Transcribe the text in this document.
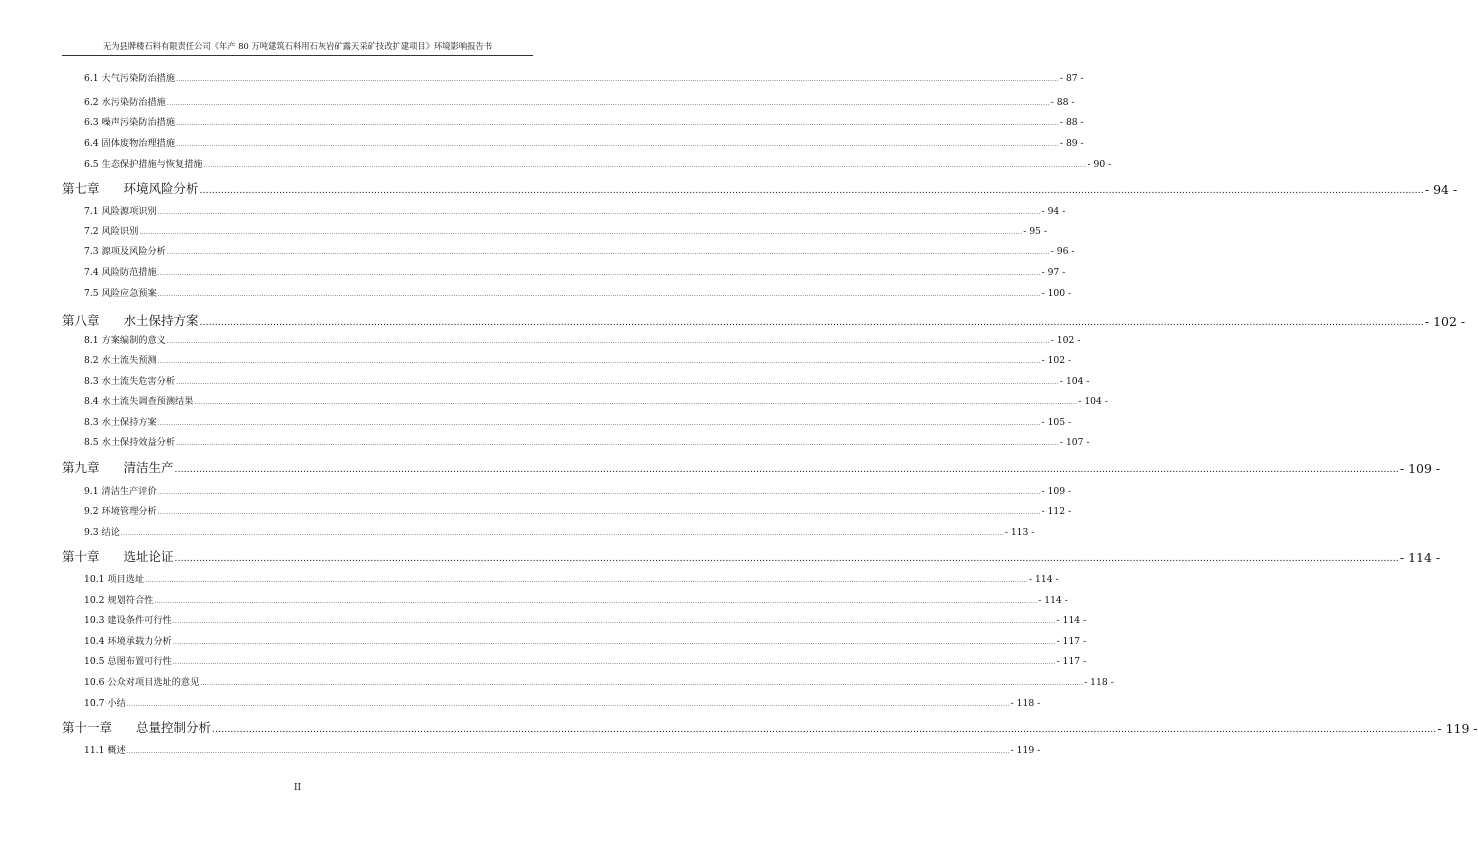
无为县牌楼石料有限责任公司《年产 80 万吨建筑石料用石灰岩矿露天采矿技改扩建项目》环境影响报告书
6.1 大气污染防治措施 ................................................................................................................................................................................................................................................................................................................................................................................................................ - 87 -
6.2 水污染防治措施 ................................................................................................................................................................................................................................................................................................................................................................................................................ - 88 -
6.3 噪声污染防治措施 ................................................................................................................................................................................................................................................................................................................................................................................................................ - 88 -
6.4 固体废物治理措施 ................................................................................................................................................................................................................................................................................................................................................................................................................ - 89 -
6.5 生态保护措施与恢复措施 ................................................................................................................................................................................................................................................................................................................................................................................................................ - 90 -
第七章 环境风险分析 ................................................................................................................................................................................................................................................................................................................................................................................................................ - 94 -
7.1 风险源项识别 ................................................................................................................................................................................................................................................................................................................................................................................................................ - 94 -
7.2 风险识别 ................................................................................................................................................................................................................................................................................................................................................................................................................ - 95 -
7.3 源项及风险分析 ................................................................................................................................................................................................................................................................................................................................................................................................................ - 96 -
7.4 风险防范措施 ................................................................................................................................................................................................................................................................................................................................................................................................................ - 97 -
7.5 风险应急预案 ................................................................................................................................................................................................................................................................................................................................................................................................................ - 100 -
第八章 水土保持方案 ................................................................................................................................................................................................................................................................................................................................................................................................................ - 102 -
8.1 方案编制的意义 ................................................................................................................................................................................................................................................................................................................................................................................................................ - 102 -
8.2 水土流失预测 ................................................................................................................................................................................................................................................................................................................................................................................................................ - 102 -
8.3 水土流失危害分析 ................................................................................................................................................................................................................................................................................................................................................................................................................ - 104 -
8.4 水土流失调查预测结果 ................................................................................................................................................................................................................................................................................................................................................................................................................ - 104 -
8.3 水土保持方案 ................................................................................................................................................................................................................................................................................................................................................................................................................ - 105 -
8.5 水土保持效益分析 ................................................................................................................................................................................................................................................................................................................................................................................................................ - 107 -
第九章 清洁生产 ................................................................................................................................................................................................................................................................................................................................................................................................................ - 109 -
9.1 清洁生产评价 ................................................................................................................................................................................................................................................................................................................................................................................................................ - 109 -
9.2 环境管理分析 ................................................................................................................................................................................................................................................................................................................................................................................................................ - 112 -
9.3 结论 ................................................................................................................................................................................................................................................................................................................................................................................................................ - 113 -
第十章 选址论证 ................................................................................................................................................................................................................................................................................................................................................................................................................ - 114 -
10.1 项目选址 ................................................................................................................................................................................................................................................................................................................................................................................................................ - 114 -
10.2 规划符合性 ................................................................................................................................................................................................................................................................................................................................................................................................................ - 114 -
10.3 建设条件可行性 ................................................................................................................................................................................................................................................................................................................................................................................................................ - 114 -
10.4 环境承载力分析 ................................................................................................................................................................................................................................................................................................................................................................................................................ - 117 -
10.5 总图布置可行性 ................................................................................................................................................................................................................................................................................................................................................................................................................ - 117 -
10.6 公众对项目选址的意见 ................................................................................................................................................................................................................................................................................................................................................................................................................ - 118 -
10.7 小结 ................................................................................................................................................................................................................................................................................................................................................................................................................ - 118 -
第十一章 总量控制分析 ................................................................................................................................................................................................................................................................................................................................................................................................................ - 119 -
11.1 概述 ................................................................................................................................................................................................................................................................................................................................................................................................................ - 119 -
II
